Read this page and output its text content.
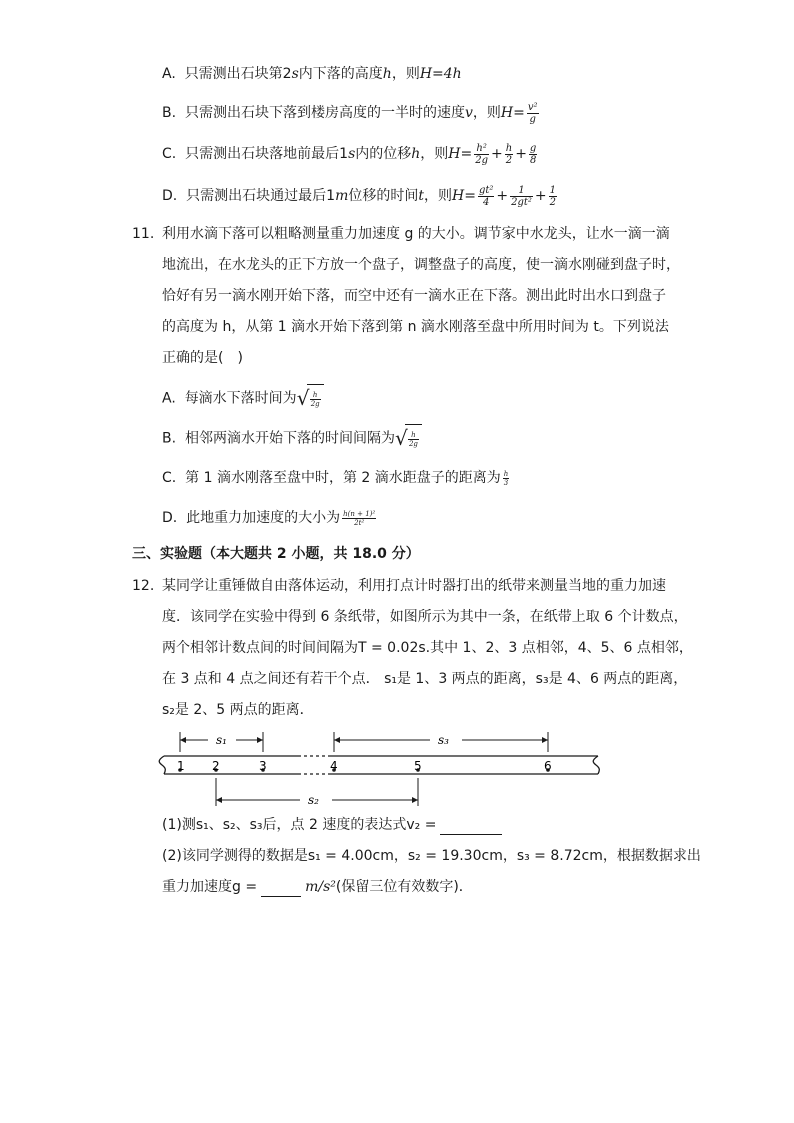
A. 只需测出石块第2s内下落的高度h，则H=4h
B. 只需测出石块下落到楼房高度的一半时的速度v，则$H= \frac{\text{v²}}{g}$
C. 只需测出石块落地前最后1s内的位移h，则$H= \frac{\text{h²}}{2g} + \frac{h}{2} + \frac{g}{8}$
D. 只需测出石块通过最后1m位移的时间t，则$H= \frac{\text{gt²}}{4} + \frac{1}{\text{2gt²}} + \frac{1}{2}$
11. 利用水滴下落可以粗略测量重力加速度 g 的大小。调节家中水龙头，让水一滴一滴
地流出，在水龙头的正下方放一个盘子，调整盘子的高度，使一滴水刚碰到盘子时，
恰好有另一滴水刚开始下落，而空中还有一滴水正在下落。测出此时出水口到盘子
的高度为 h，从第 1 滴水开始下落到第 n 滴水刚落至盘中所用时间为 t。下列说法
正确的是(　)
A. 每滴水下落时间为 √ $\frac{h}{2g}$
B. 相邻两滴水开始下落的时间间隔为 √ $\frac{h}{2g}$
C. 第 1 滴水刚落至盘中时，第 2 滴水距盘子的距离为 $\frac{h}{3}$
D. 此地重力加速度的大小为 $\frac{\text{h(n + 1)²}}{\text{2t²}}$
三、实验题（本大题共 2 小题，共 18.0 分）
12. 某同学让重锤做自由落体运动，利用打点计时器打出的纸带来测量当地的重力加速
度．该同学在实验中得到 6 条纸带，如图所示为其中一条，在纸带上取 6 个计数点，
两个相邻计数点间的时间间隔为T = 0.02s.其中 1、2、3 点相邻，4、5、6 点相邻，
在 3 点和 4 点之间还有若干个点． s₁是 1、3 两点的距离，s₃是 4、6 两点的距离，
s₂是 2、5 两点的距离．
1 2	3	4	5	6
s₁	s₃
s₂
(1)测s₁、s₂、s₃后，点 2 速度的表达式v₂ =
(2)该同学测得的数据是s₁ = 4.00cm，s₂ = 19.30cm，s₃ = 8.72cm，根据数据求出
重力加速度g =	m/s²(保留三位有效数字)．
